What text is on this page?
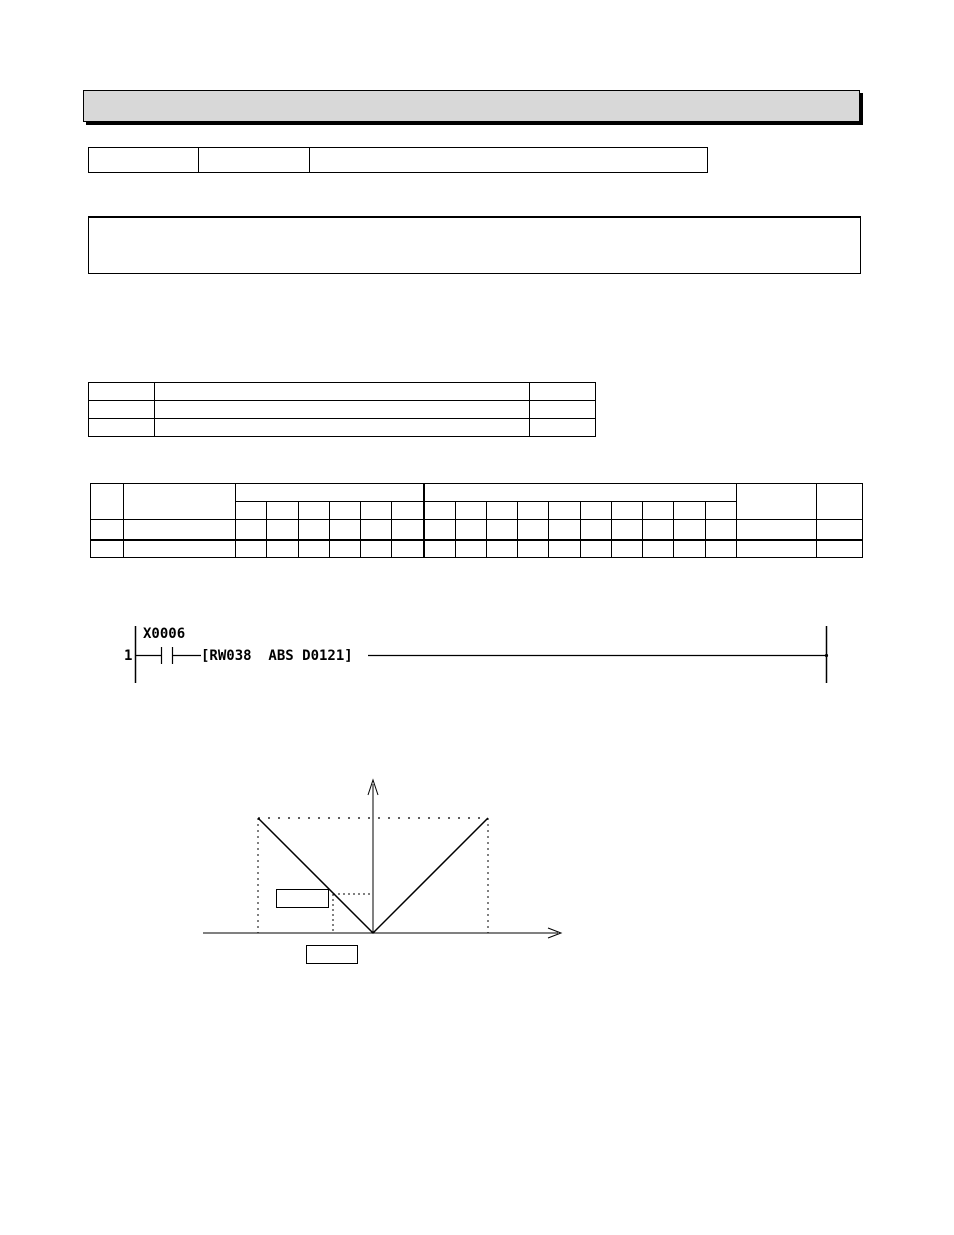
X0006
1	[RW038  ABS D0121]
